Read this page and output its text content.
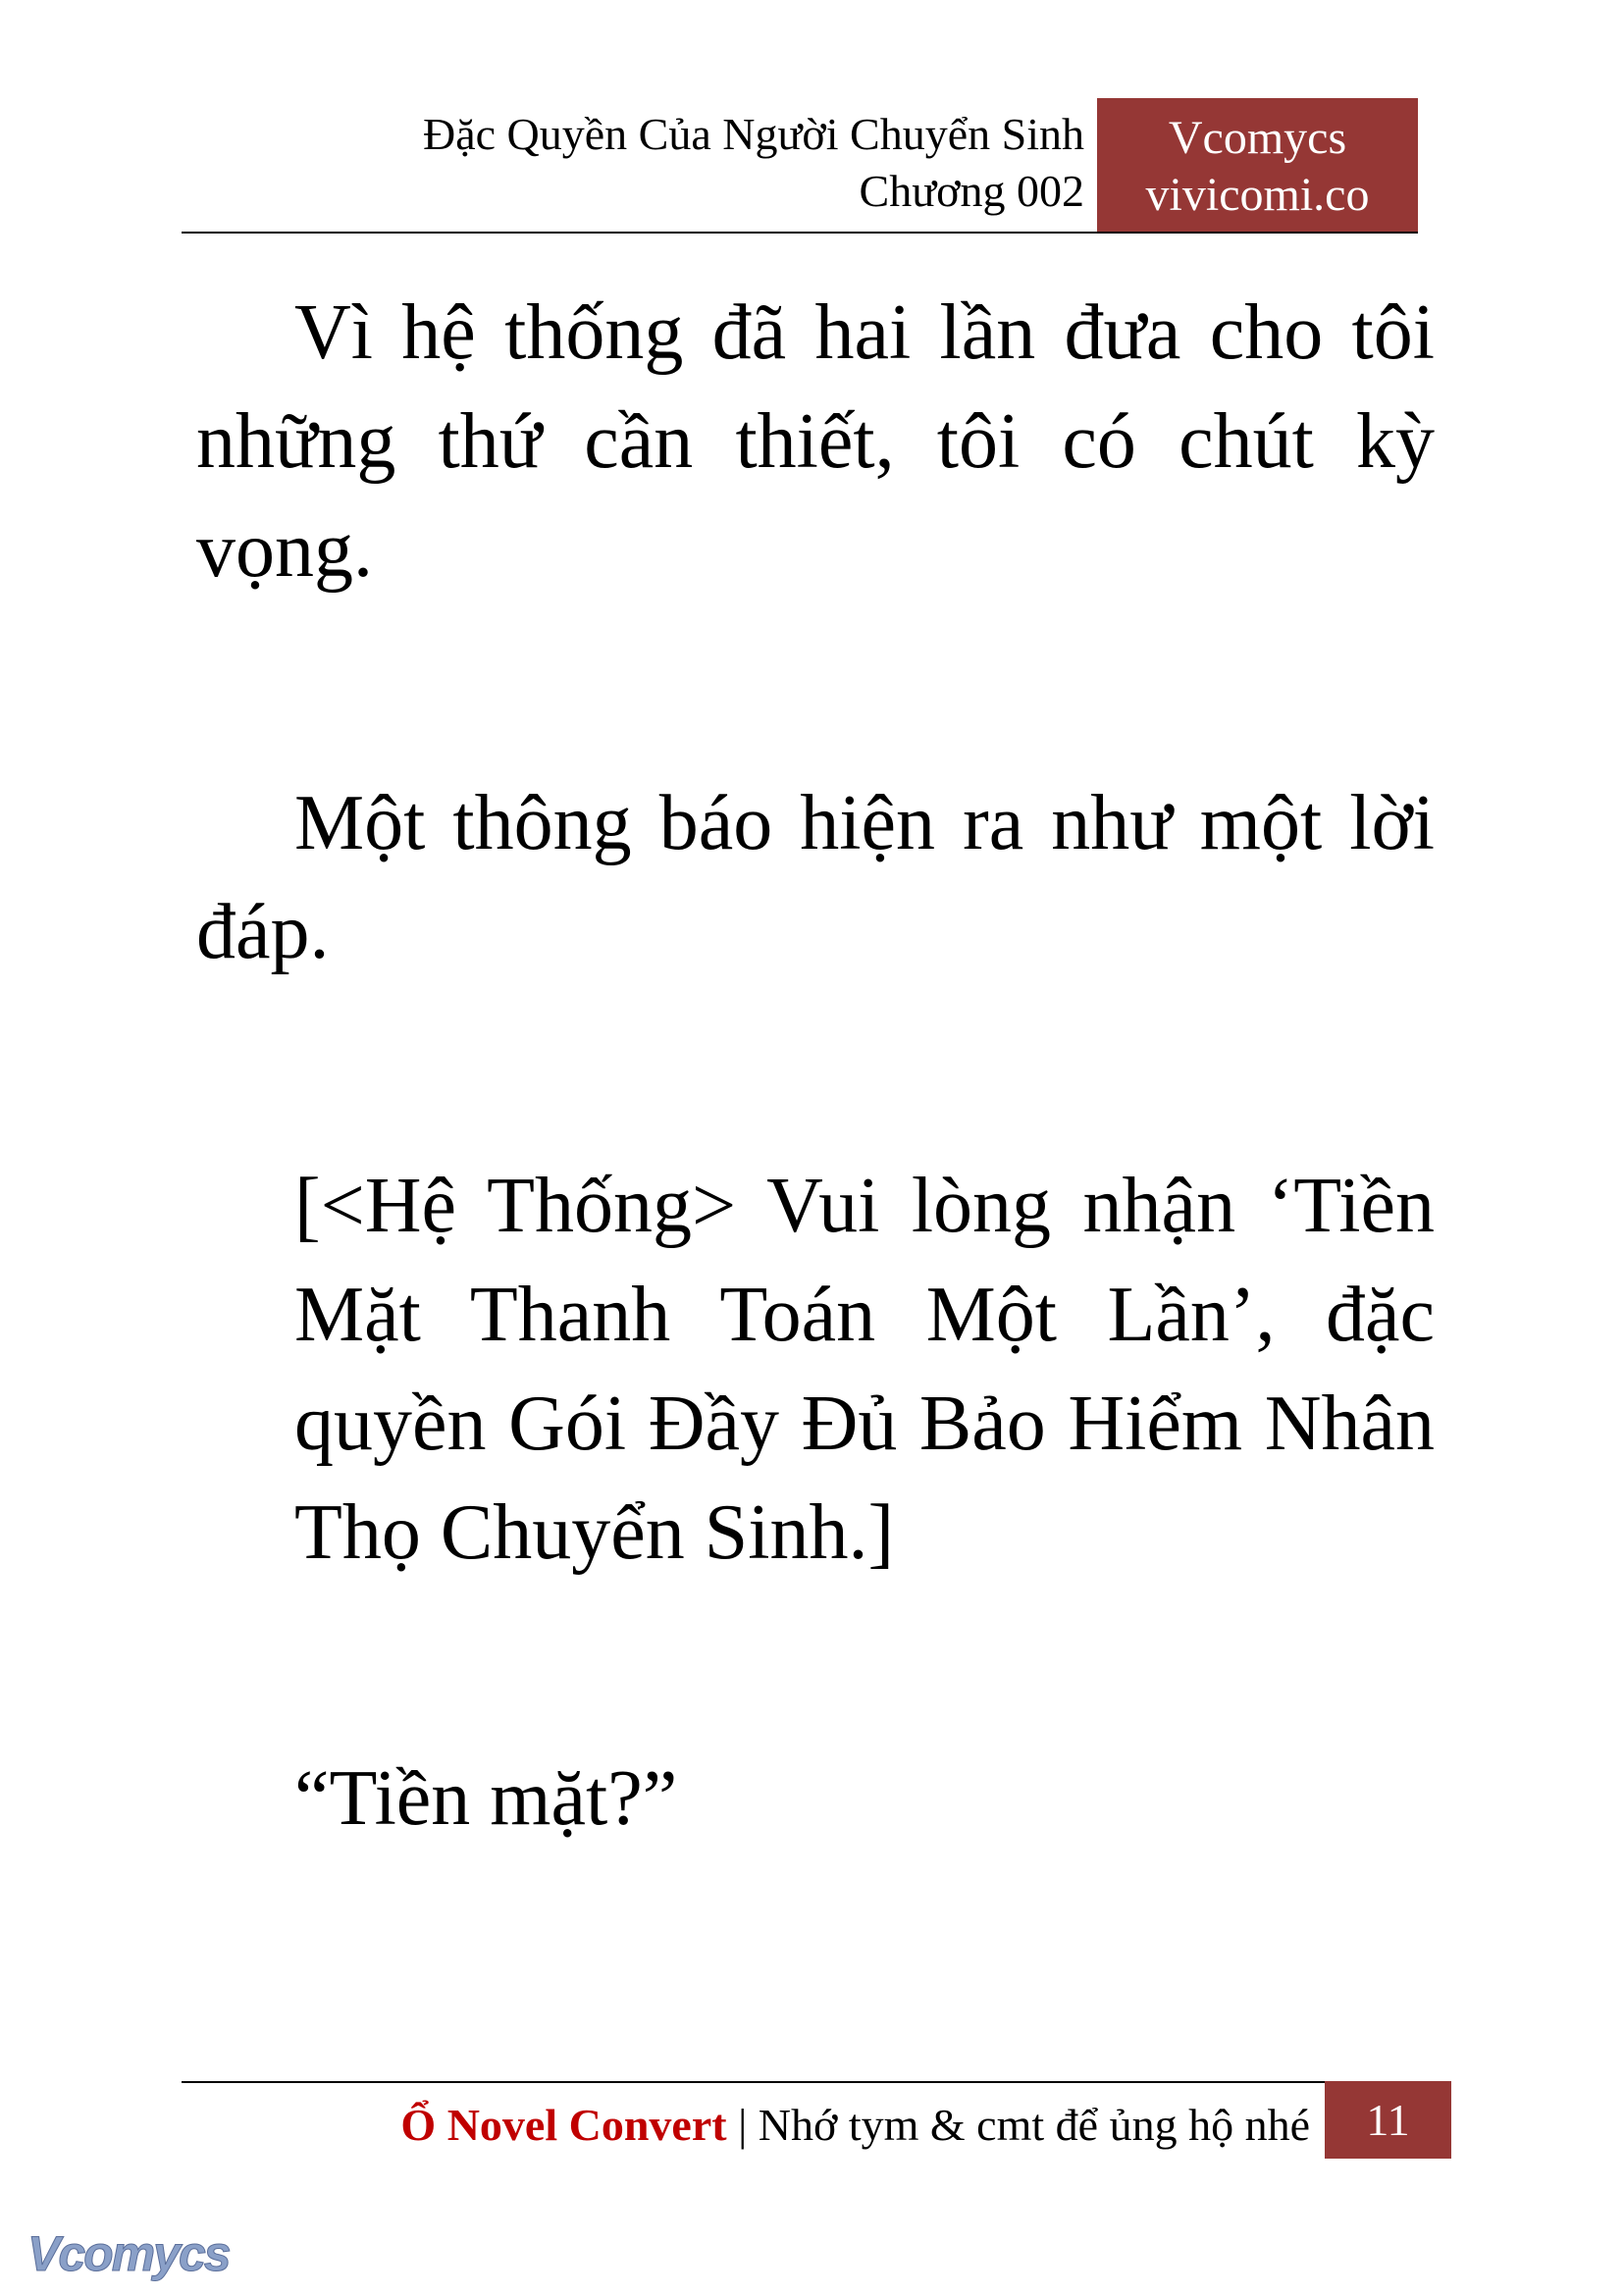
Đặc Quyền Của Người Chuyển Sinh
Chương 002
Vcomycs
vivicomi.co

Vì hệ thống đã hai lần đưa cho tôi những thứ cần thiết, tôi có chút kỳ vọng.

Một thông báo hiện ra như một lời đáp.

[<Hệ Thống> Vui lòng nhận ‘Tiền Mặt Thanh Toán Một Lần’, đặc quyền Gói Đầy Đủ Bảo Hiểm Nhân Thọ Chuyển Sinh.]

“Tiền mặt?”

Ổ Novel Convert | Nhớ tym & cmt để ủng hộ nhé	11
Vcomycs
